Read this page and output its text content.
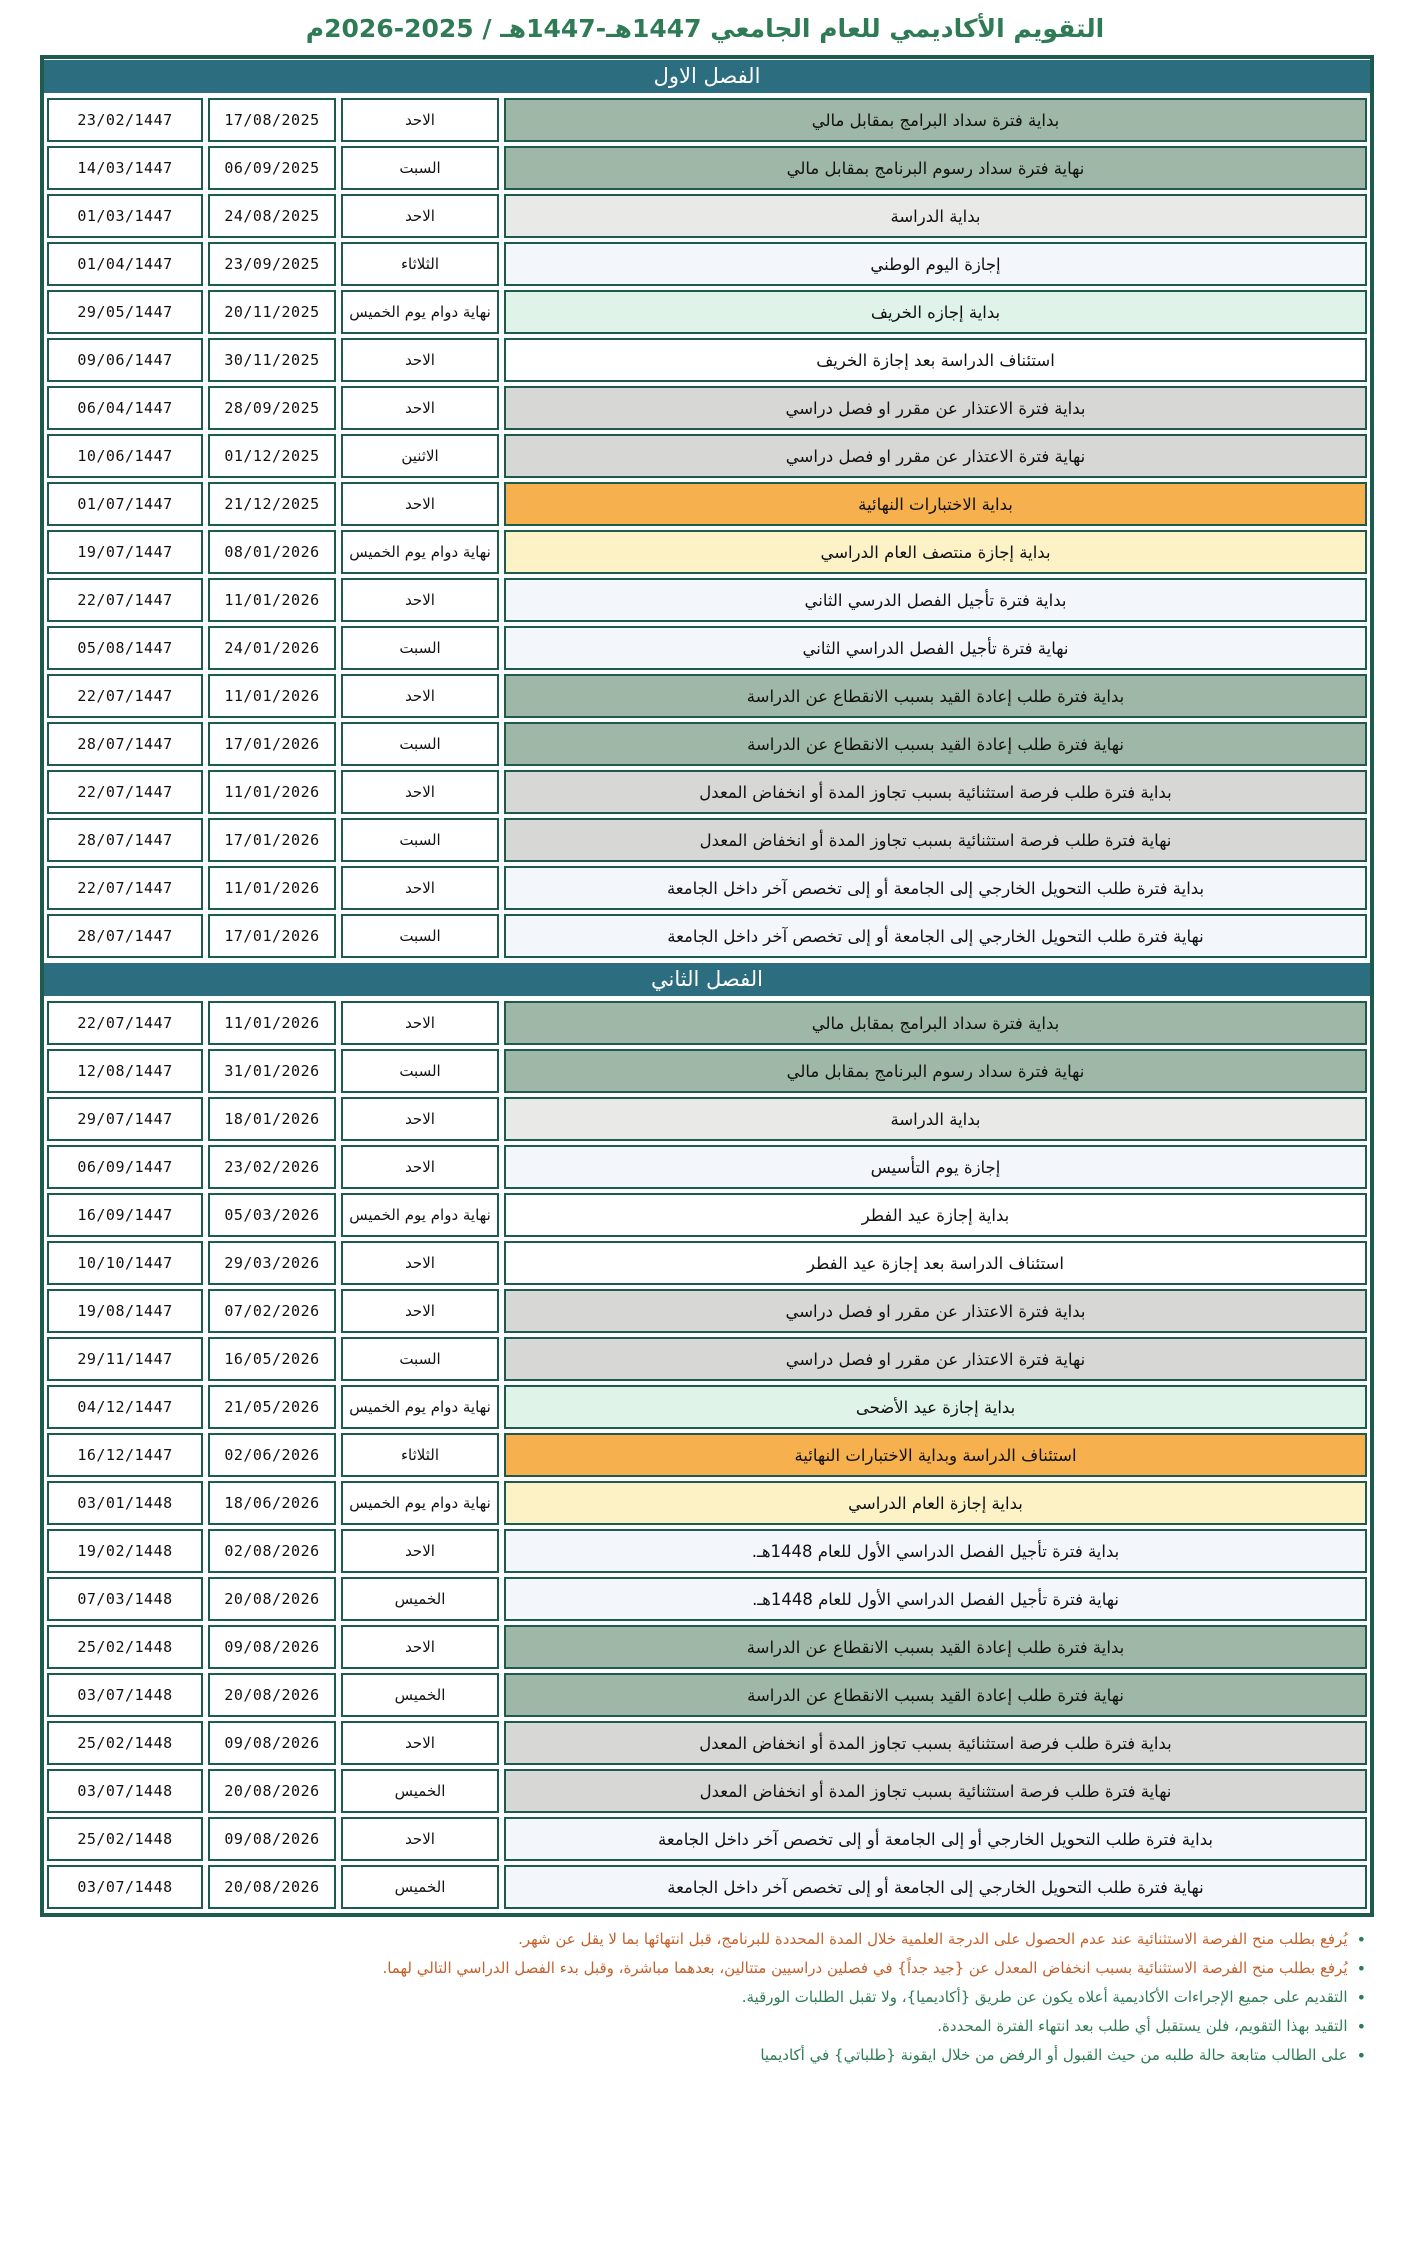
التقويم الأكاديمي للعام الجامعي 1447هـ-1447هـ / 2025-2026م
الفصل الاول
بداية فترة سداد البرامج بمقابل مالي
الاحد
17/08/2025
23/02/1447
نهاية فترة سداد رسوم البرنامج بمقابل مالي
السبت
06/09/2025
14/03/1447
بداية الدراسة
الاحد
24/08/2025
01/03/1447
إجازة اليوم الوطني
الثلاثاء
23/09/2025
01/04/1447
بداية إجازه الخريف
نهاية دوام يوم الخميس
20/11/2025
29/05/1447
استئناف الدراسة بعد إجازة الخريف
الاحد
30/11/2025
09/06/1447
بداية فترة الاعتذار عن مقرر او فصل دراسي
الاحد
28/09/2025
06/04/1447
نهاية فترة الاعتذار عن مقرر او فصل دراسي
الاثنين
01/12/2025
10/06/1447
بداية الاختبارات النهائية
الاحد
21/12/2025
01/07/1447
بداية إجازة منتصف العام الدراسي
نهاية دوام يوم الخميس
08/01/2026
19/07/1447
بداية فترة تأجيل الفصل الدرسي الثاني
الاحد
11/01/2026
22/07/1447
نهاية فترة تأجيل الفصل الدراسي الثاني
السبت
24/01/2026
05/08/1447
بداية فترة طلب إعادة القيد بسبب الانقطاع عن الدراسة
الاحد
11/01/2026
22/07/1447
نهاية فترة طلب إعادة القيد بسبب الانقطاع عن الدراسة
السبت
17/01/2026
28/07/1447
بداية فترة طلب فرصة استثنائية بسبب تجاوز المدة أو انخفاض المعدل
الاحد
11/01/2026
22/07/1447
نهاية فترة طلب فرصة استثنائية بسبب تجاوز المدة أو انخفاض المعدل
السبت
17/01/2026
28/07/1447
بداية فترة طلب التحويل الخارجي إلى الجامعة أو إلى تخصص آخر داخل الجامعة
الاحد
11/01/2026
22/07/1447
نهاية فترة طلب التحويل الخارجي إلى الجامعة أو إلى تخصص آخر داخل الجامعة
السبت
17/01/2026
28/07/1447
الفصل الثاني
بداية فترة سداد البرامج بمقابل مالي
الاحد
11/01/2026
22/07/1447
نهاية فترة سداد رسوم البرنامج بمقابل مالي
السبت
31/01/2026
12/08/1447
بداية الدراسة
الاحد
18/01/2026
29/07/1447
إجازة يوم التأسيس
الاحد
23/02/2026
06/09/1447
بداية إجازة عيد الفطر
نهاية دوام يوم الخميس
05/03/2026
16/09/1447
استئناف الدراسة بعد إجازة عيد الفطر
الاحد
29/03/2026
10/10/1447
بداية فترة الاعتذار عن مقرر او فصل دراسي
الاحد
07/02/2026
19/08/1447
نهاية فترة الاعتذار عن مقرر او فصل دراسي
السبت
16/05/2026
29/11/1447
بداية إجازة عيد الأضحى
نهاية دوام يوم الخميس
21/05/2026
04/12/1447
استئناف الدراسة وبداية الاختبارات النهائية
الثلاثاء
02/06/2026
16/12/1447
بداية إجازة العام الدراسي
نهاية دوام يوم الخميس
18/06/2026
03/01/1448
بداية فترة تأجيل الفصل الدراسي الأول للعام 1448هـ.
الاحد
02/08/2026
19/02/1448
نهاية فترة تأجيل الفصل الدراسي الأول للعام 1448هـ.
الخميس
20/08/2026
07/03/1448
بداية فترة طلب إعادة القيد بسبب الانقطاع عن الدراسة
الاحد
09/08/2026
25/02/1448
نهاية فترة طلب إعادة القيد بسبب الانقطاع عن الدراسة
الخميس
20/08/2026
03/07/1448
بداية فترة طلب فرصة استثنائية بسبب تجاوز المدة أو انخفاض المعدل
الاحد
09/08/2026
25/02/1448
نهاية فترة طلب فرصة استثنائية بسبب تجاوز المدة أو انخفاض المعدل
الخميس
20/08/2026
03/07/1448
بداية فترة طلب التحويل الخارجي أو إلى الجامعة أو إلى تخصص آخر داخل الجامعة
الاحد
09/08/2026
25/02/1448
نهاية فترة طلب التحويل الخارجي إلى الجامعة أو إلى تخصص آخر داخل الجامعة
الخميس
20/08/2026
03/07/1448
•
يُرفع بطلب منح الفرصة الاستثنائية عند عدم الحصول على الدرجة العلمية خلال المدة المحددة للبرنامج، قبل انتهائها بما لا يقل عن شهر.
•
يُرفع بطلب منح الفرصة الاستثنائية بسبب انخفاض المعدل عن {جيد جداً} في فصلين دراسيين متتالين، بعدهما مباشرة، وقبل بدء الفصل الدراسي التالي لهما.
•
التقديم على جميع الإجراءات الأكاديمية أعلاه يكون عن طريق {أكاديميا}، ولا تقبل الطلبات الورقية.
•
التقيد بهذا التقويم، فلن يستقبل أي طلب بعد انتهاء الفترة المحددة.
•
على الطالب متابعة حالة طلبه من حيث القبول أو الرفض من خلال ايقونة {طلباتي} في أكاديميا
